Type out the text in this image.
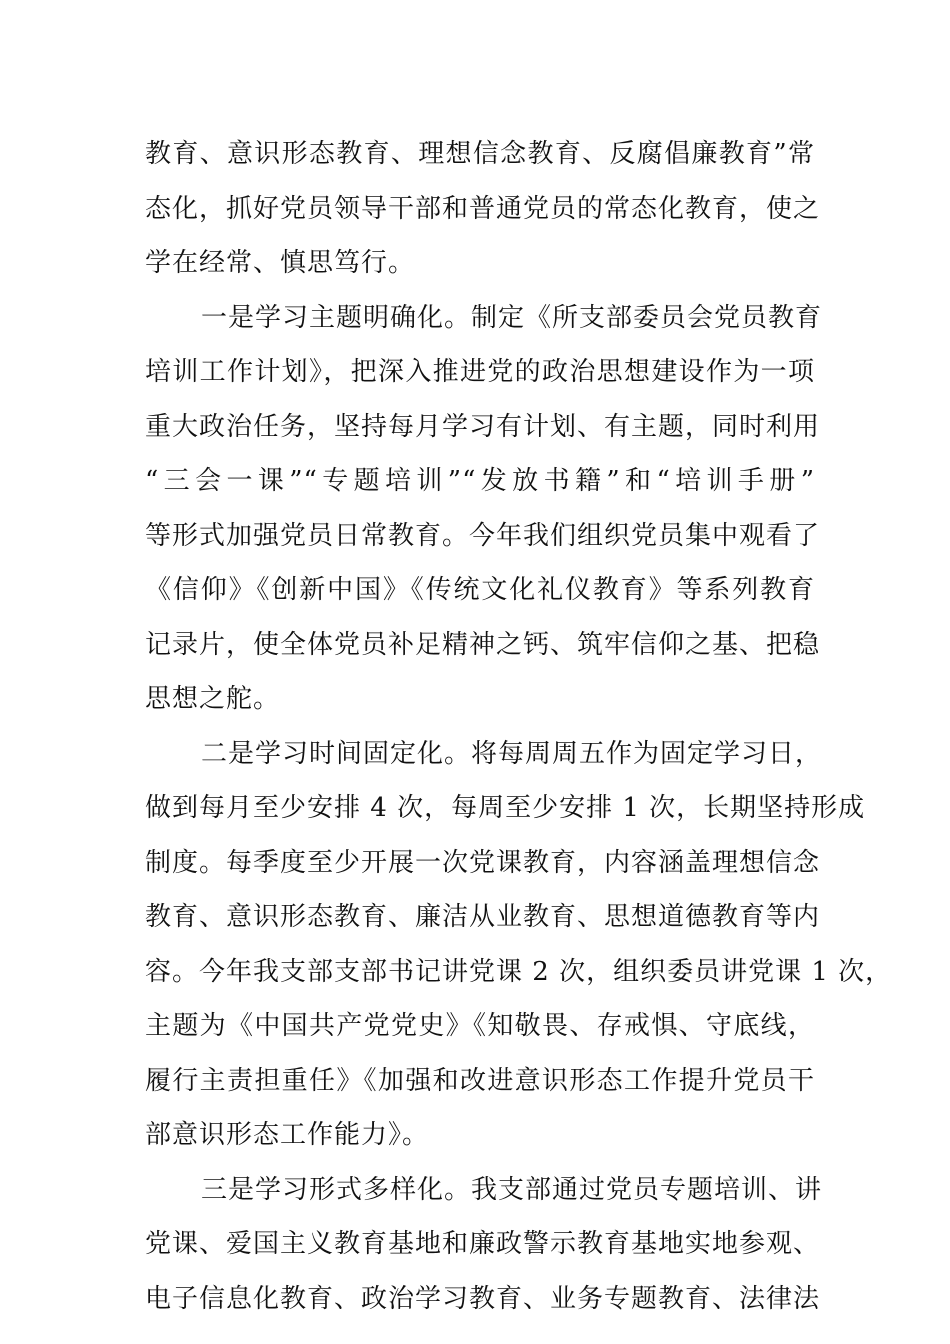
教育、意识形态教育、理想信念教育、反腐倡廉教育”常
态化，抓好党员领导干部和普通党员的常态化教育，使之
学在经常、慎思笃行。
一是学习主题明确化。制定《所支部委员会党员教育
培训工作计划》，把深入推进党的政治思想建设作为一项
重大政治任务，坚持每月学习有计划、有主题，同时利用
“三会一课”“专题培训”“发放书籍”和“培训手册”
等形式加强党员日常教育。今年我们组织党员集中观看了
《信仰》《创新中国》《传统文化礼仪教育》等系列教育
记录片，使全体党员补足精神之钙、筑牢信仰之基、把稳
思想之舵。
二是学习时间固定化。将每周周五作为固定学习日，
做到每月至少安排 4 次，每周至少安排 1 次，长期坚持形成
制度。每季度至少开展一次党课教育，内容涵盖理想信念
教育、意识形态教育、廉洁从业教育、思想道德教育等内
容。今年我支部支部书记讲党课 2 次，组织委员讲党课 1 次，
主题为《中国共产党党史》《知敬畏、存戒惧、守底线，
履行主责担重任》《加强和改进意识形态工作提升党员干
部意识形态工作能力》。
三是学习形式多样化。我支部通过党员专题培训、讲
党课、爱国主义教育基地和廉政警示教育基地实地参观、
电子信息化教育、政治学习教育、业务专题教育、法律法
